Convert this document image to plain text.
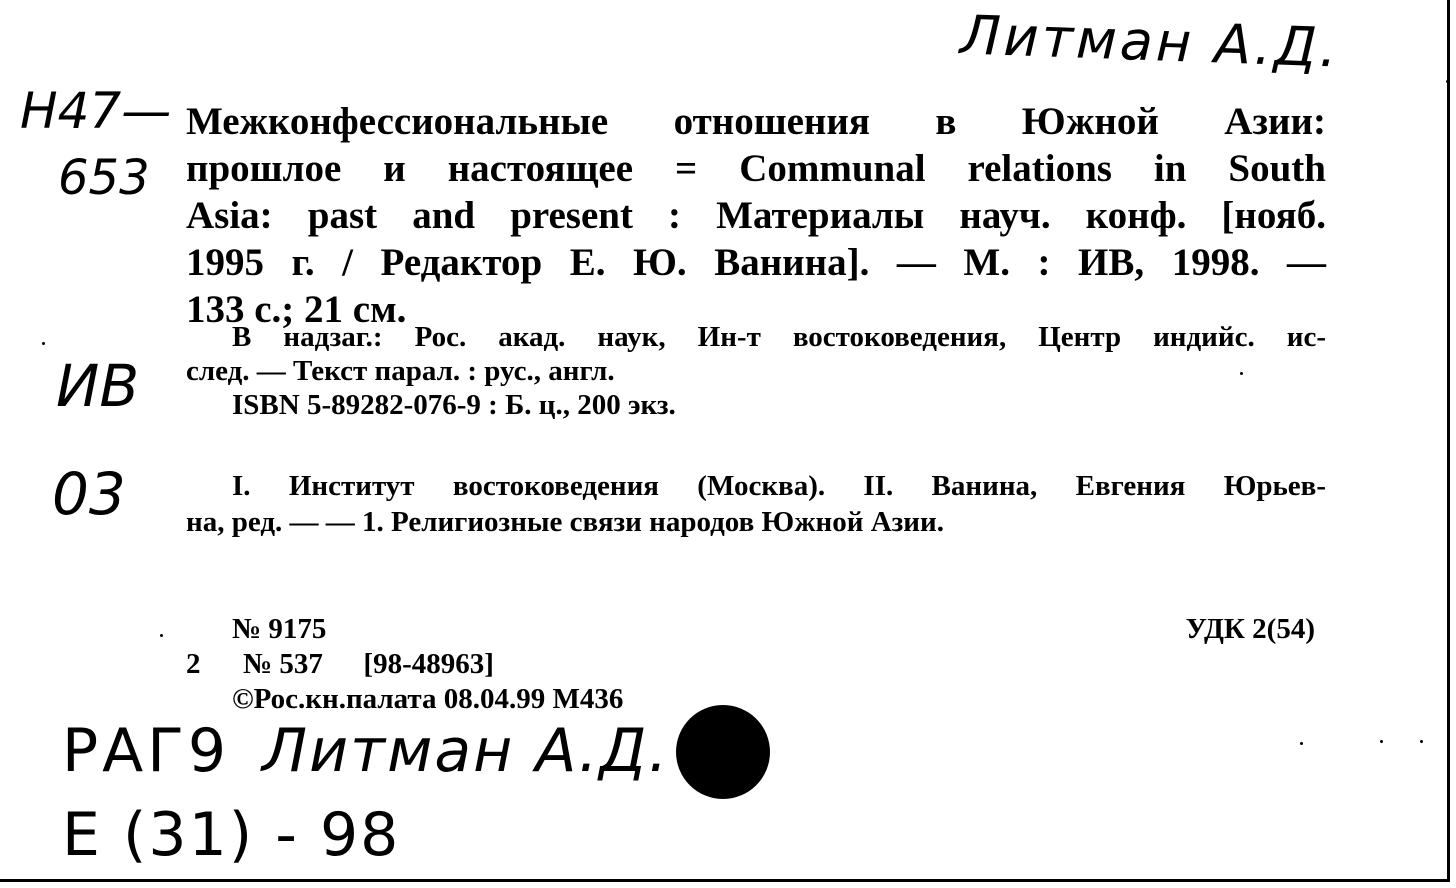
Литман А.Д.
Н47—
653
ИВ
03
Межконфессиональные отношения в Южной Азии:
прошлое и настоящее = Communal relations in South
Asia: past and present : Материалы науч. конф. [нояб.
1995 г. / Редактор Е. Ю. Ванина]. — М. : ИВ, 1998. —
133 с.; 21 см.
В надзаг.: Рос. акад. наук, Ин-т востоковедения, Центр индийс. ис-
след. — Текст парал. : рус., англ.
ISBN 5-89282-076-9 : Б. ц., 200 экз.
I. Институт востоковедения (Москва). II. Ванина, Евгения Юрьев-
на, ред. — — 1. Религиозные связи народов Южной Азии.
№ 9175
2 № 537 [98-48963]
©Рос.кн.палата 08.04.99 М436
УДК 2(54)
РАГ9 Литман А.Д.
Е (31) - 98
